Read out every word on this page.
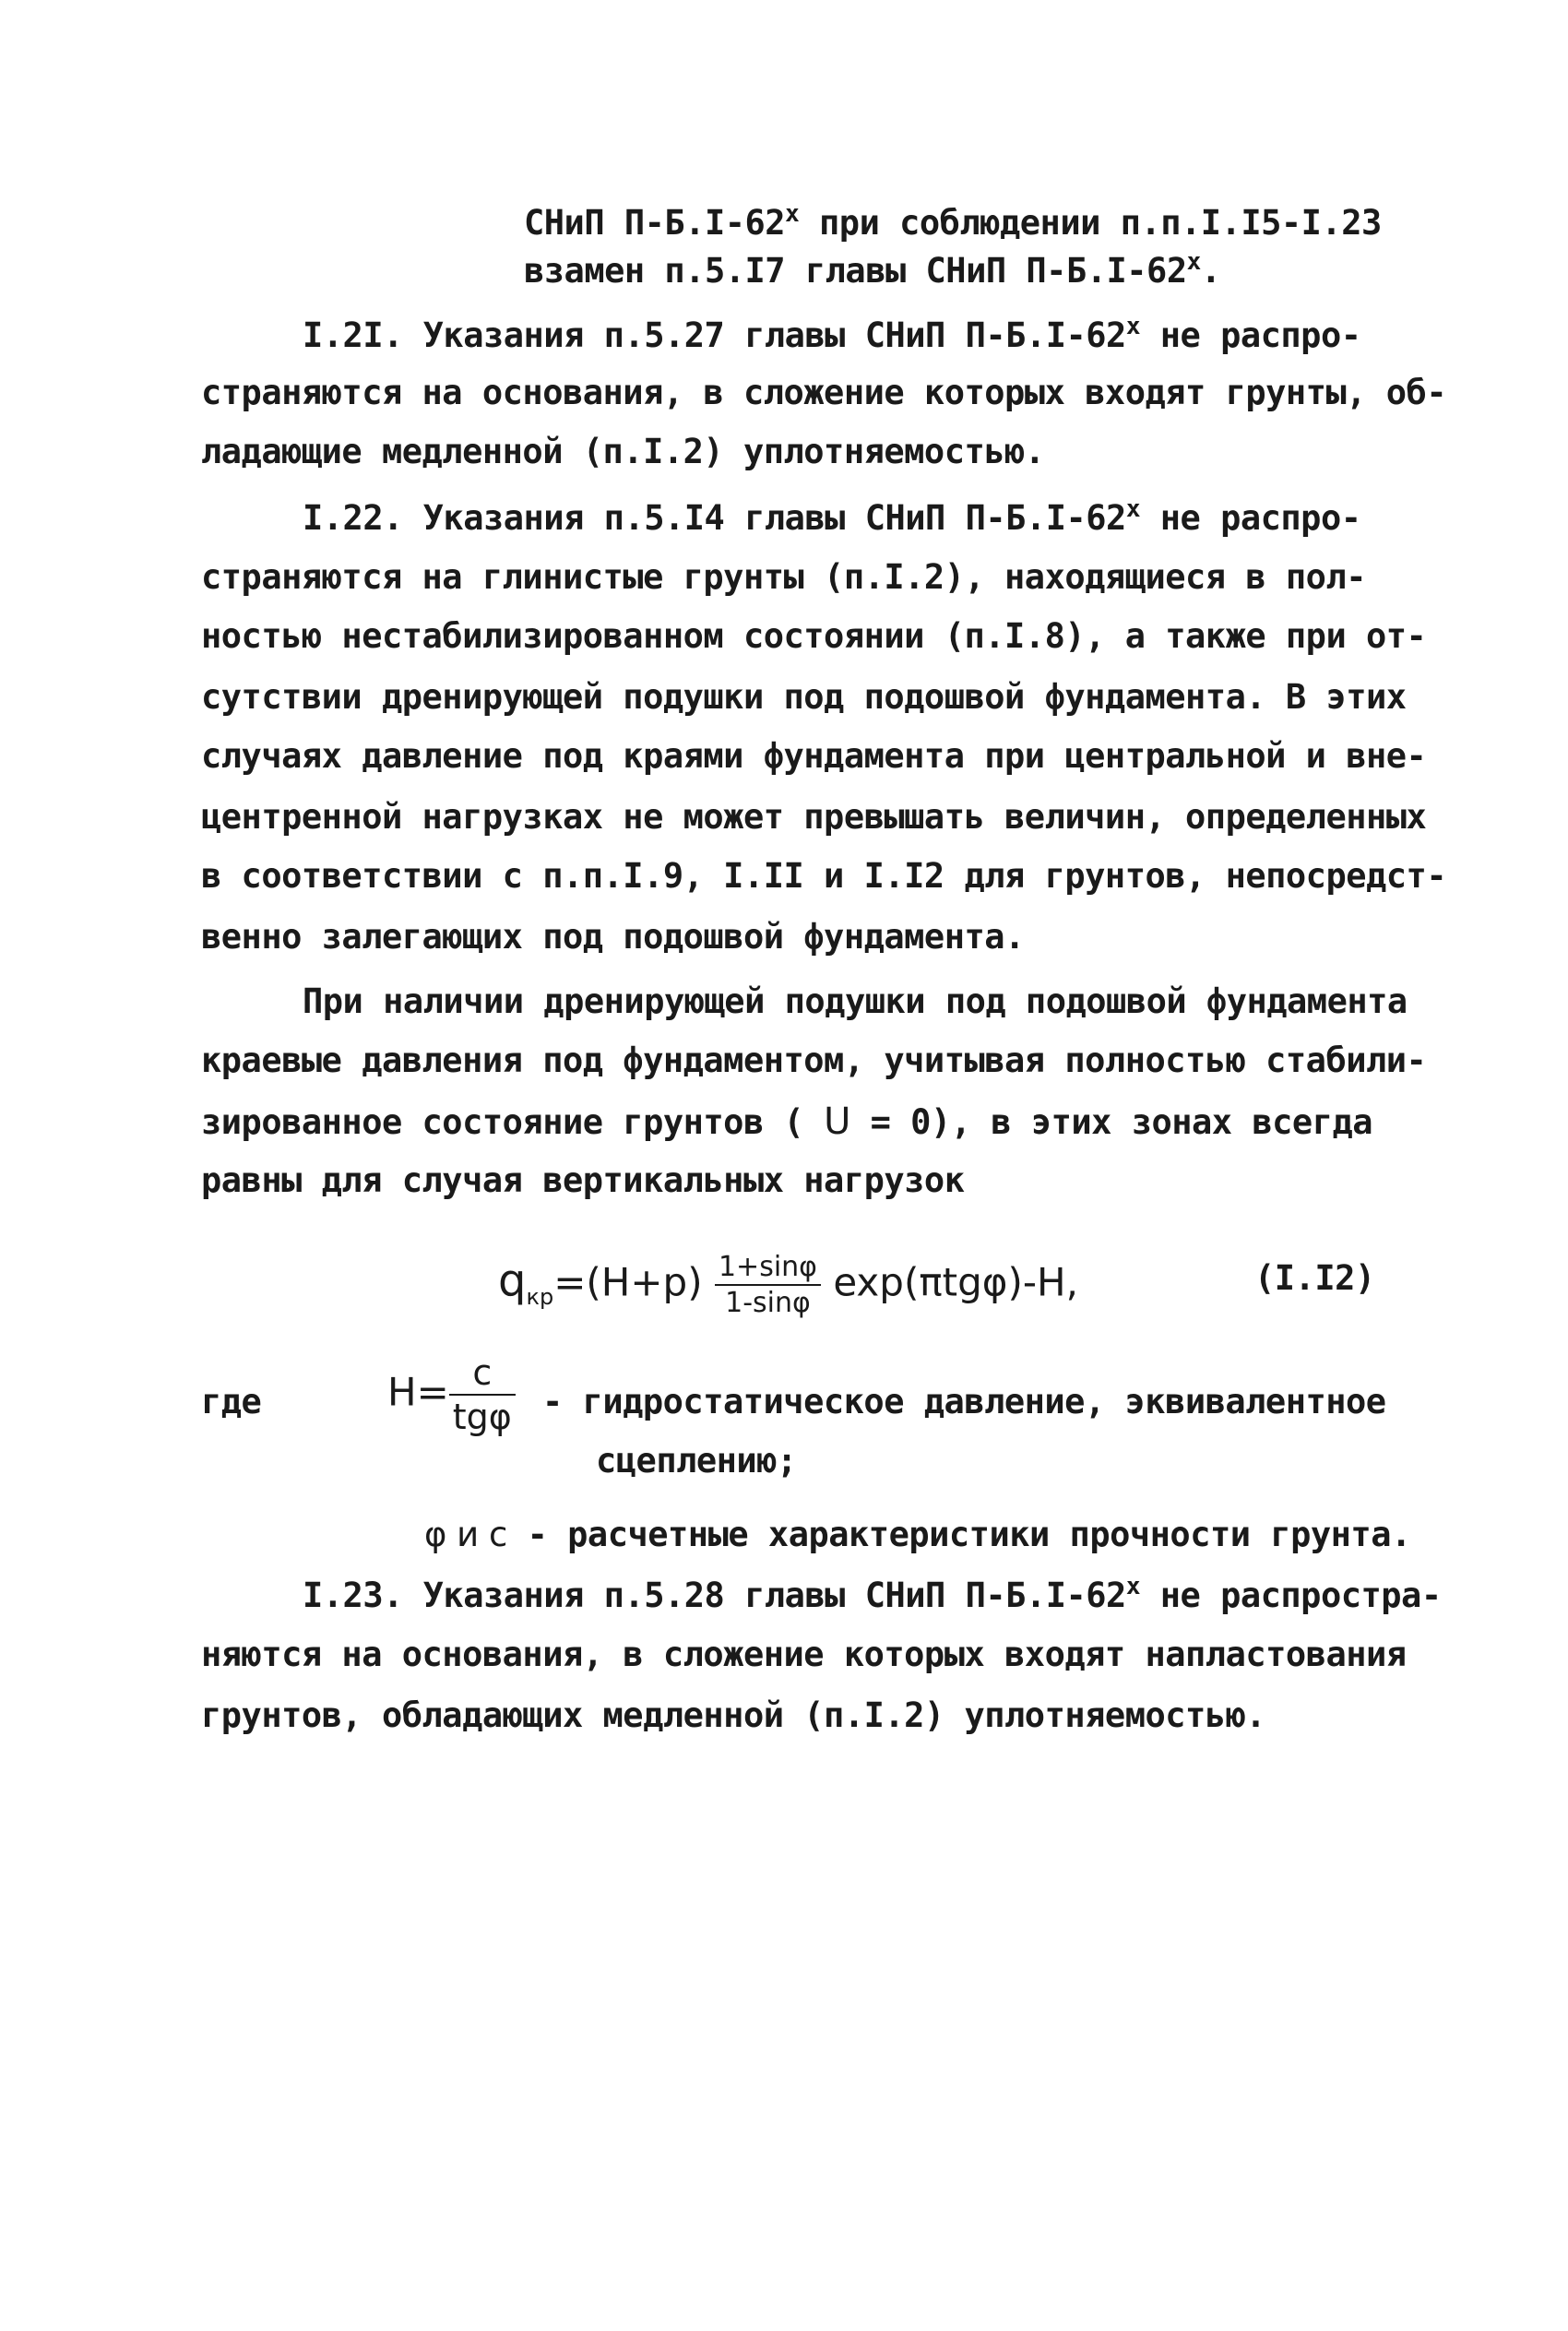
СНиП П-Б.I-62$^x$ при соблюдении п.п.I.I5-I.23
взамен п.5.I7 главы СНиП П-Б.I-62$^x$.
I.2I. Указания п.5.27 главы СНиП П-Б.I-62$^x$ не распро-
страняются на основания, в сложение которых входят грунты, об-
ладающие медленной (п.I.2) уплотняемостью.
I.22. Указания п.5.I4 главы СНиП П-Б.I-62$^x$ не распро-
страняются на глинистые грунты (п.I.2), находящиеся в пол-
ностью нестабилизированном состоянии (п.I.8), а также при от-
сутствии дренирующей подушки под подошвой фундамента. В этих
случаях давление под краями фундамента при центральной и вне-
центренной нагрузках не может превышать величин, определенных
в соответствии с п.п.I.9, I.II и I.I2 для грунтов, непосредст-
венно залегающих под подошвой фундамента.
При наличии дренирующей подушки под подошвой фундамента
краевые давления под фундаментом, учитывая полностью стабили-
зированное состояние грунтов ( U = 0), в этих зонах всегда
равны для случая вертикальных нагрузок
$q_{кр}=(H+p) \frac{1+\sin\varphi}{1-\sin\varphi} \exp(\pi tg\varphi)-H$,	(I.I2)
где	$H= \frac{c}{\text{tgφ}}$ - гидростатическое давление, эквивалентное
сцеплению;
φ и c - расчетные характеристики прочности грунта.
I.23. Указания п.5.28 главы СНиП П-Б.I-62$^x$ не распростра-
няются на основания, в сложение которых входят напластования
грунтов, обладающих медленной (п.I.2) уплотняемостью.
